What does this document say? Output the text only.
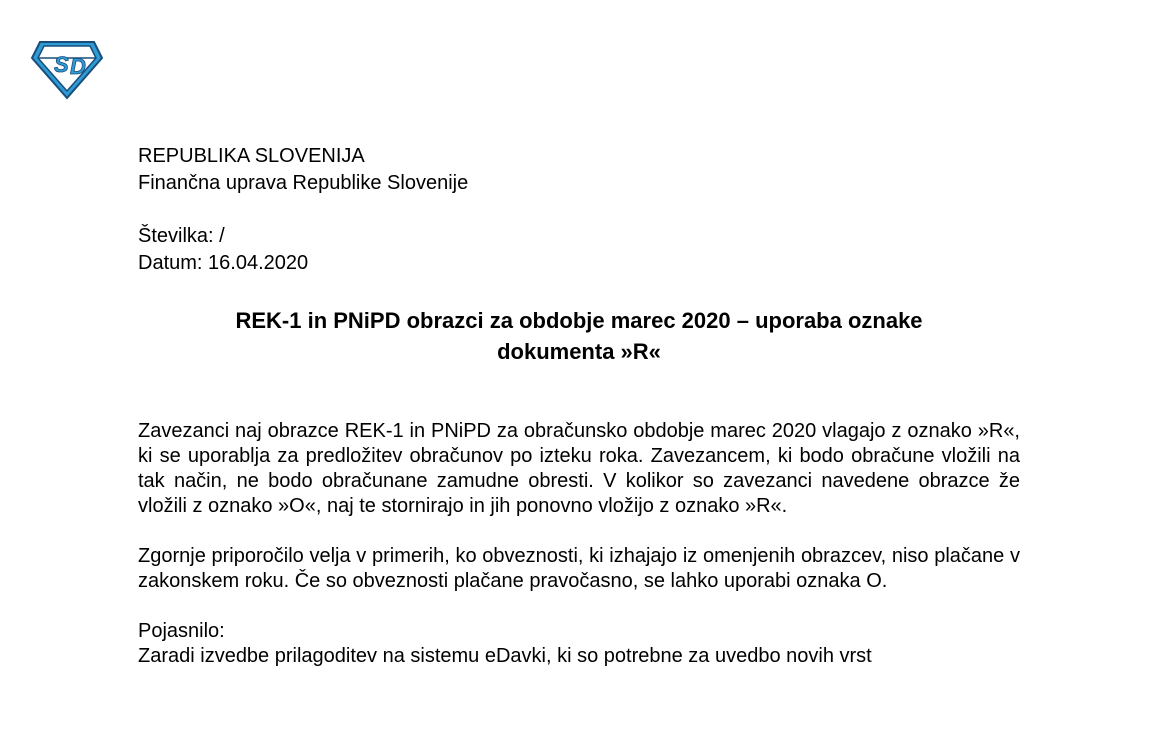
S D
REPUBLIKA SLOVENIJA
Finančna uprava Republike Slovenije
Številka: /
Datum: 16.04.2020
REK-1 in PNiPD obrazci za obdobje marec 2020 – uporaba oznake
dokumenta »R«

Zavezanci naj obrazce REK-1 in PNiPD za obračunsko obdobje marec 2020 vlagajo z oznako »R«, ki se uporablja za predložitev obračunov po izteku roka. Zavezancem, ki bodo obračune vložili na tak način, ne bodo obračunane zamudne obresti. V kolikor so zavezanci navedene obrazce že vložili z oznako »O«, naj te stornirajo in jih ponovno vložijo z oznako »R«.

Zgornje priporočilo velja v primerih, ko obveznosti, ki izhajajo iz omenjenih obrazcev, niso plačane v zakonskem roku. Če so obveznosti plačane pravočasno, se lahko uporabi oznaka O.

Pojasnilo:
Zaradi izvedbe prilagoditev na sistemu eDavki, ki so potrebne za uvedbo novih vrst
